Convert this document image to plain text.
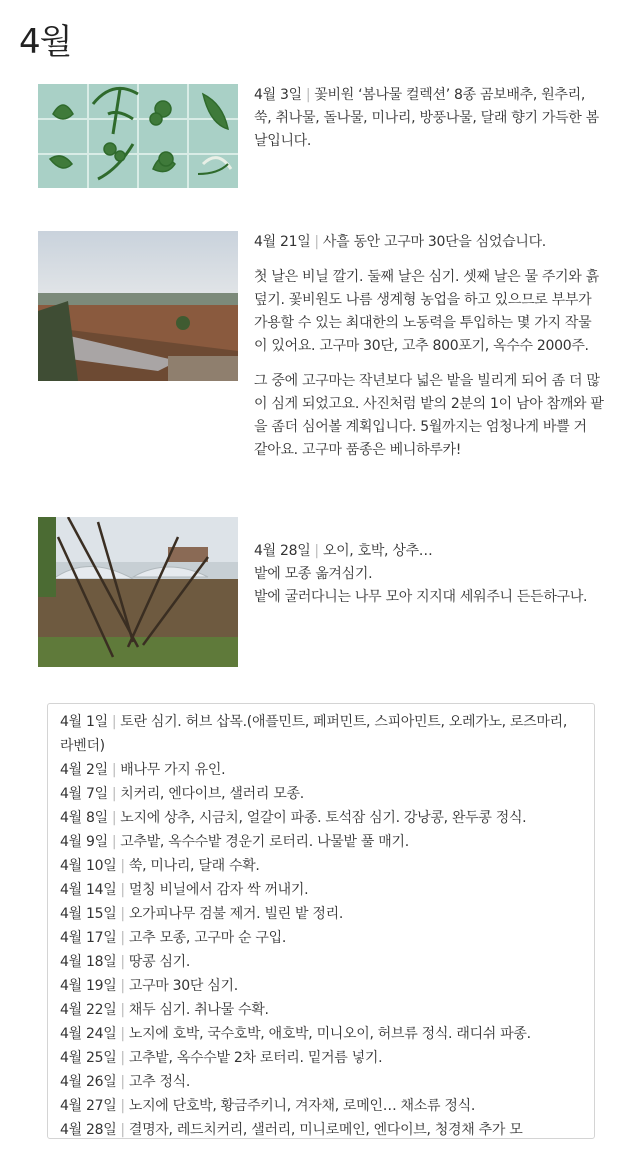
4월

4월 3일 | 꽃비원 ‘봄나물 컬렉션’ 8종 곰보배추, 원추리, 쑥, 취나물, 돌나물, 미나리, 방풍나물, 달래 향기 가득한 봄날입니다.

4월 21일 | 사흘 동안 고구마 30단을 심었습니다.

첫 날은 비닐 깔기. 둘째 날은 심기. 셋째 날은 물 주기와 흙 덮기. 꽃비원도 나름 생계형 농업을 하고 있으므로 부부가 가용할 수 있는 최대한의 노동력을 투입하는 몇 가지 작물이 있어요. 고구마 30단, 고추 800포기, 옥수수 2000주.

그 중에 고구마는 작년보다 넓은 밭을 빌리게 되어 좀 더 많이 심게 되었고요. 사진처럼 밭의 2분의 1이 남아 참깨와 팥을 좀더 심어볼 계획입니다. 5월까지는 엄청나게 바쁠 거 같아요. 고구마 품종은 베니하루카!

4월 28일 | 오이, 호박, 상추…
밭에 모종 옮겨심기.
밭에 굴러다니는 나무 모아 지지대 세워주니 든든하구나.

4월 1일 | 토란 심기. 허브 삽목.(애플민트, 페퍼민트, 스피아민트, 오레가노, 로즈마리, 라벤더)
4월 2일 | 배나무 가지 유인.
4월 7일 | 치커리, 엔다이브, 샐러리 모종.
4월 8일 | 노지에 상추, 시금치, 얼갈이 파종. 토석잠 심기. 강낭콩, 완두콩 정식.
4월 9일 | 고추밭, 옥수수밭 경운기 로터리. 나물밭 풀 매기.
4월 10일 | 쑥, 미나리, 달래 수확.
4월 14일 | 멀칭 비닐에서 감자 싹 꺼내기.
4월 15일 | 오가피나무 검불 제거. 빌린 밭 정리.
4월 17일 | 고추 모종, 고구마 순 구입.
4월 18일 | 땅콩 심기.
4월 19일 | 고구마 30단 심기.
4월 22일 | 채두 심기. 취나물 수확.
4월 24일 | 노지에 호박, 국수호박, 애호박, 미니오이, 허브류 정식. 래디쉬 파종.
4월 25일 | 고추밭, 옥수수밭 2차 로터리. 밑거름 넣기.
4월 26일 | 고추 정식.
4월 27일 | 노지에 단호박, 황금주키니, 겨자채, 로메인… 채소류 정식.
4월 28일 | 결명자, 레드치커리, 샐러리, 미니로메인, 엔다이브, 청경채 추가 모
